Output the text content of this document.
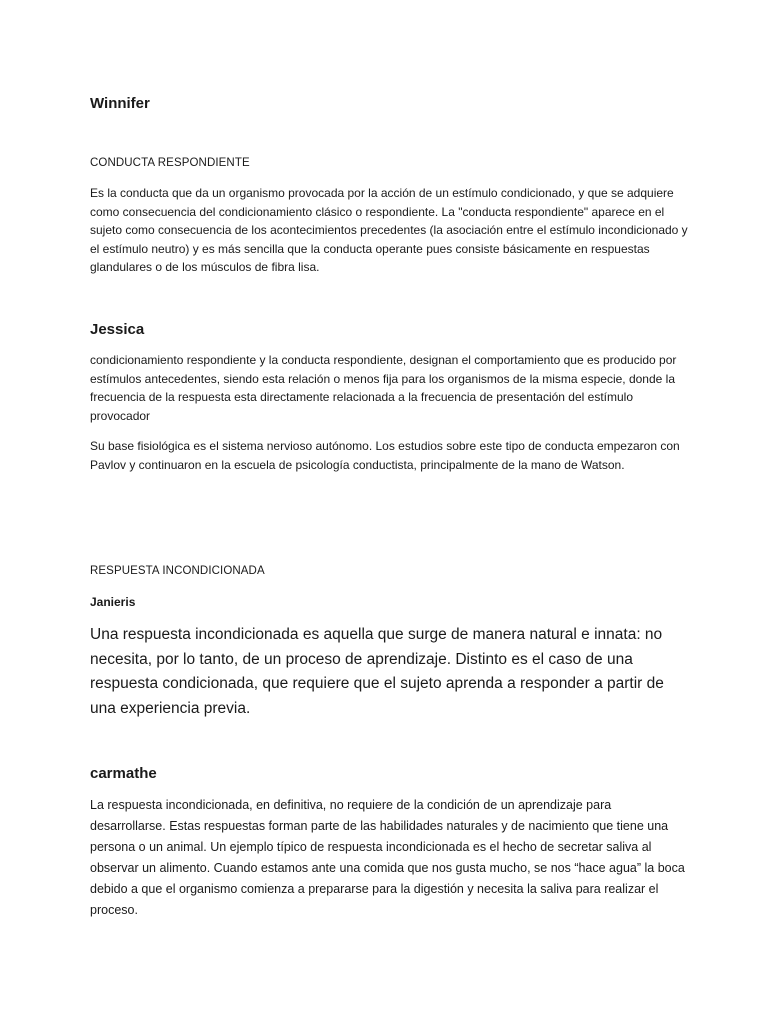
Winnifer
CONDUCTA RESPONDIENTE

Es la conducta que da un organismo provocada por la acción de un estímulo condicionado, y que se adquiere como consecuencia del condicionamiento clásico o respondiente. La "conducta respondiente" aparece en el sujeto como consecuencia de los acontecimientos precedentes (la asociación entre el estímulo incondicionado y el estímulo neutro) y es más sencilla que la conducta operante pues consiste básicamente en respuestas glandulares o de los músculos de fibra lisa.

Jessica

condicionamiento respondiente y la conducta respondiente, designan el comportamiento que es producido por estímulos antecedentes, siendo esta relación o menos fija para los organismos de la misma especie, donde la frecuencia de la respuesta esta directamente relacionada a la frecuencia de presentación del estímulo provocador

Su base fisiológica es el sistema nervioso autónomo. Los estudios sobre este tipo de conducta empezaron con Pavlov y continuaron en la escuela de psicología conductista, principalmente de la mano de Watson.

RESPUESTA INCONDICIONADA
Janieris

Una respuesta incondicionada es aquella que surge de manera natural e innata: no necesita, por lo tanto, de un proceso de aprendizaje. Distinto es el caso de una respuesta condicionada, que requiere que el sujeto aprenda a responder a partir de una experiencia previa.

carmathe

La respuesta incondicionada, en definitiva, no requiere de la condición de un aprendizaje para desarrollarse. Estas respuestas forman parte de las habilidades naturales y de nacimiento que tiene una persona o un animal. Un ejemplo típico de respuesta incondicionada es el hecho de secretar saliva al observar un alimento. Cuando estamos ante una comida que nos gusta mucho, se nos “hace agua” la boca debido a que el organismo comienza a prepararse para la digestión y necesita la saliva para realizar el proceso.
